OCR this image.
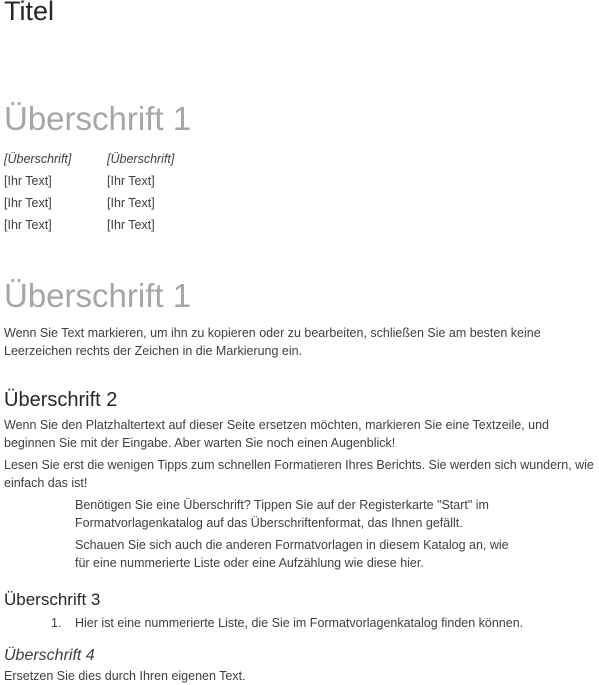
Titel
Überschrift 1
[Überschrift]	[Überschrift]
[Ihr Text]	[Ihr Text]
[Ihr Text]	[Ihr Text]
[Ihr Text]	[Ihr Text]
Überschrift 1

Wenn Sie Text markieren, um ihn zu kopieren oder zu bearbeiten, schließen Sie am besten keine Leerzeichen rechts der Zeichen in die Markierung ein.

Überschrift 2

Wenn Sie den Platzhaltertext auf dieser Seite ersetzen möchten, markieren Sie eine Textzeile, und beginnen Sie mit der Eingabe. Aber warten Sie noch einen Augenblick!

Lesen Sie erst die wenigen Tipps zum schnellen Formatieren Ihres Berichts. Sie werden sich wundern, wie einfach das ist!

Benötigen Sie eine Überschrift? Tippen Sie auf der Registerkarte "Start" im Formatvorlagenkatalog auf das Überschriftenformat, das Ihnen gefällt.
Schauen Sie sich auch die anderen Formatvorlagen in diesem Katalog an, wie für eine nummerierte Liste oder eine Aufzählung wie diese hier.
Überschrift 3
1. Hier ist eine nummerierte Liste, die Sie im Formatvorlagenkatalog finden können.
Überschrift 4

Ersetzen Sie dies durch Ihren eigenen Text.
